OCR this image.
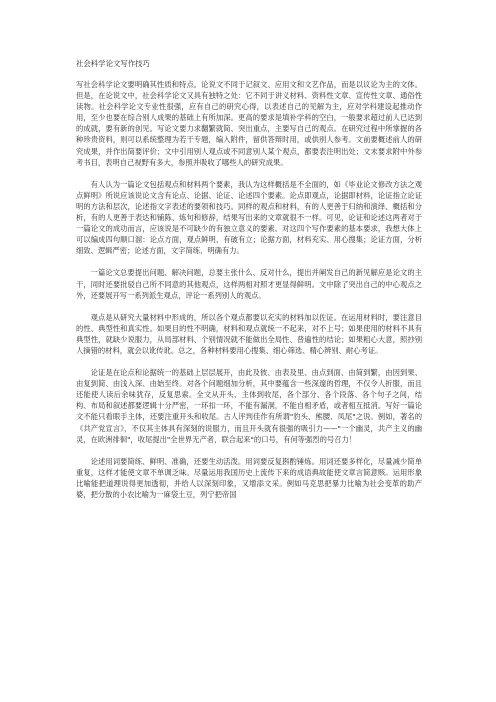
社会科学论文写作技巧

写社会科学论文要明确其性质和特点。论说文不同于记叙文、应用文和文艺作品，而是以议论为主的文体。但是，在论说文中，社会科学论文又具有独特之处：它不同于讲义材料、资料性文章、宣传性文章、通俗性读物。社会科学论文专业性很强，应有自己的研究心得，以表述自己的见解为主，应对学科建设起推动作用，至少也要在综合别人成果的基础上有所加深。更高的要求是填补学科的空白，一般要求超过前人已达到的成就，要有新的创见。写论文要力求翻繁就简、突出重点，主要写自己的观点。在研究过程中所掌握的各种珍贵资料，则可以系统整理为若干专题，编入附件，留供答辩时用，或供别人参考。文前要概述前人的研究成果，并作出简要评价；文中引用别人观点或不同意别人某个观点，都要表注明出处；文末要求附中外参考书目，表明自己视野有多大，参照并吸收了哪些人的研究成果。

有人认为一篇论文包括观点和材料两个要素，我认为这样概括是不全面的，如《毕业论文修改方法之观点鲜明》所说应该说论文含有论点、论据、论证、论述四个要素。论点即观点，论据即材料，论证指立论证明的方法和层次，论述指文字表述的要领和技巧。同样的观点和材料，有的人更善于归纳和演绎、概括和分析，有的人更善于表达和铺陈、炼句和修辞，结果写出来的文章就很不一样。可见，论证和论述这两者对于一篇论文的成功而言，应该说是不可缺少的有独立意义的要素。对这四个写作要素的基本要求，我想大体上可以编成四句顺口溜：论点方面，观点鲜明、有破有立；论据方面，材料充实、用心搜集；论证方面，分析细致、逻辑严密；论述方面，文字简练、明确有力。

一篇论文总要提出问题、解决问题，总要主张什么、反对什么，提出并阐发自己的新见解应是论文的主干，同时还要批驳自己所不同意的其他观点，这样两相对照才更显得鲜明。文中除了突出自己的中心观点之外，还要展开写一系列派生观点，评论一系列别人的观点。

观点是从研究大量材料中形成的，所以各个观点都要以充实的材料加以佐证。在运用材料时，要注意目的性、典型性和真实性。如果目的性不明确，材料和观点就统一不起来，对不上号；如果使用的材料不具有典型性，就缺少说服力，从局部材料、个别情况就不能做出全局性、普遍性的结论；如果粗心大意，照抄别人摘错的材料，就会以讹传讹。总之，各种材料要用心搜集、细心筛选、精心辨别、耐心考证。

论证是在论点和论据统一的基础上层层展开，由此及彼、由表及里、由点到面、由简到繁，由因到果、由复到简、由浅入深、由始至终。对各个问题细加分析，其中要蕴含一些深邃的哲理，不仅令人折服，而且还能使人读后余味犹存，反复思索。全文从开头、主体到收尾，各个部分、各个段落、各个句子之间，结构、布局和叙述都要逻辑十分严密，一环扣一环，不能有漏洞，不能自相矛盾，或者相互抵消。写好一篇论文不能只看眼手主体，还要注重开头和收尾。古人评判佳作有所谓"豹头、熊腰、凤尾"之说。例如，著名的《共产党宣言》，不仅其主体具有深刻的说服力，而且开头就有很强的吸引力——"一个幽灵，共产主义的幽灵，在欧洲徘徊"，收尾提出"全世界无产者，联合起来"的口号，有何等强烈的号召力！

论述用词要简练、鲜明、准确，还要生动活泼。用词要反复斟酌锤炼。用词还要多样化，尽量减少简单重复，这样才能使文章不单调乏味。尽量运用我国历史上流传下来的成语典故能使文章言简意赅。运用形象比喻能把道理说得更加透彻，并给人以深刻印象，又增添文采。例如马克思把暴力比喻为社会变革的助产婆，把分散的小农比喻为一麻袋土豆，列宁把帝国
